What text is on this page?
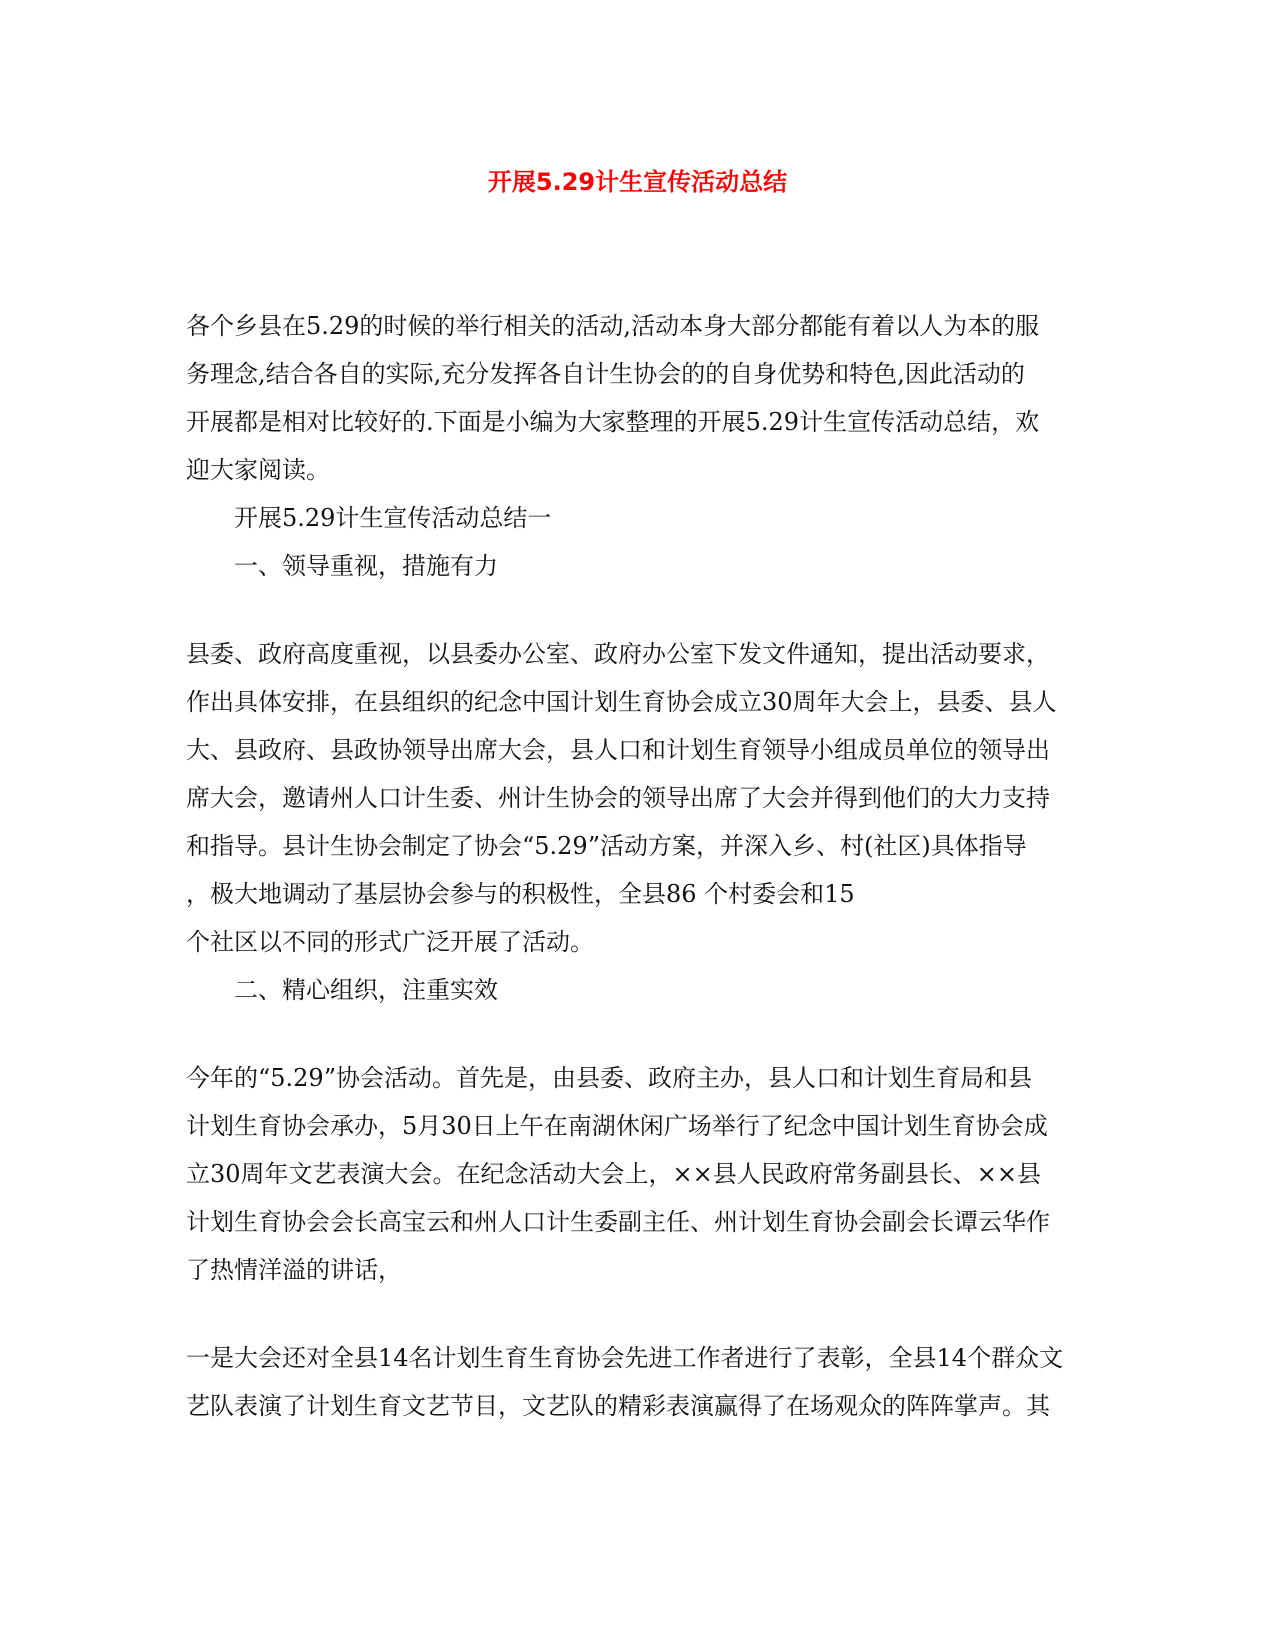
开展5.29计生宣传活动总结

各个乡县在5.29的时候的举行相关的活动,活动本身大部分都能有着以人为本的服

务理念,结合各自的实际,充分发挥各自计生协会的的自身优势和特色,因此活动的

开展都是相对比较好的.下面是小编为大家整理的开展5.29计生宣传活动总结，欢

迎大家阅读。

开展5.29计生宣传活动总结一

一、领导重视，措施有力

县委、政府高度重视，以县委办公室、政府办公室下发文件通知，提出活动要求，

作出具体安排，在县组织的纪念中国计划生育协会成立30周年大会上，县委、县人

大、县政府、县政协领导出席大会，县人口和计划生育领导小组成员单位的领导出

席大会，邀请州人口计生委、州计生协会的领导出席了大会并得到他们的大力支持

和指导。县计生协会制定了协会“5.29”活动方案，并深入乡、村(社区)具体指导

，极大地调动了基层协会参与的积极性，全县86 个村委会和15

个社区以不同的形式广泛开展了活动。

二、精心组织，注重实效

今年的“5.29”协会活动。首先是，由县委、政府主办，县人口和计划生育局和县

计划生育协会承办，5月30日上午在南湖休闲广场举行了纪念中国计划生育协会成

立30周年文艺表演大会。在纪念活动大会上，××县人民政府常务副县长、××县

计划生育协会会长高宝云和州人口计生委副主任、州计划生育协会副会长谭云华作

了热情洋溢的讲话，

一是大会还对全县14名计划生育生育协会先进工作者进行了表彰，全县14个群众文

艺队表演了计划生育文艺节目，文艺队的精彩表演赢得了在场观众的阵阵掌声。其
